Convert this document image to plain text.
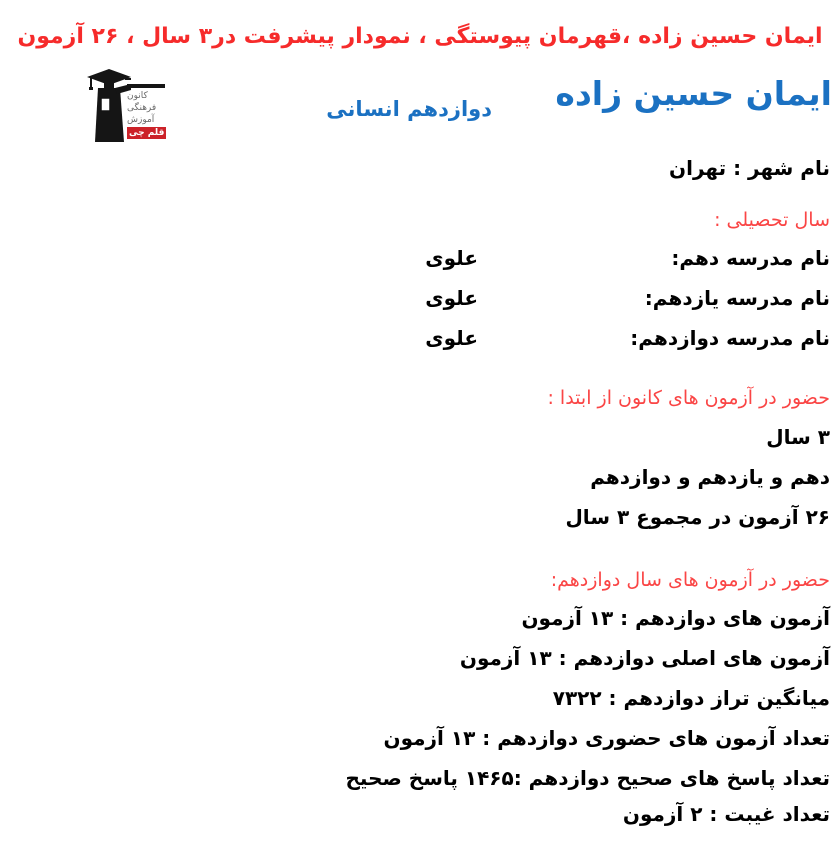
ایمان حسین زاده ،قهرمان پیوستگی ، نمودار پیشرفت در۳ سال ، ۲۶ آزمون
کانون
فرهنگی
آموزش
قلم چی
ایمان حسین زاده
دوازدهم انسانی
نام شهر : تهران
سال تحصیلی :
نام مدرسه دهم:
علوی
نام مدرسه یازدهم:
علوی
نام مدرسه دوازدهم:
علوی
حضور در آزمون های کانون از ابتدا :
۳ سال
دهم و یازدهم و دوازدهم
۲۶ آزمون در مجموع ۳ سال
حضور در آزمون های سال دوازدهم:
آزمون های دوازدهم : ۱۳ آزمون
آزمون های اصلی دوازدهم : ۱۳ آزمون
میانگین تراز دوازدهم : ۷۳۲۲
تعداد آزمون های حضوری دوازدهم : ۱۳ آزمون
تعداد پاسخ های صحیح دوازدهم :۱۴۶۵ پاسخ صحیح
تعداد غیبت : ۲ آزمون
